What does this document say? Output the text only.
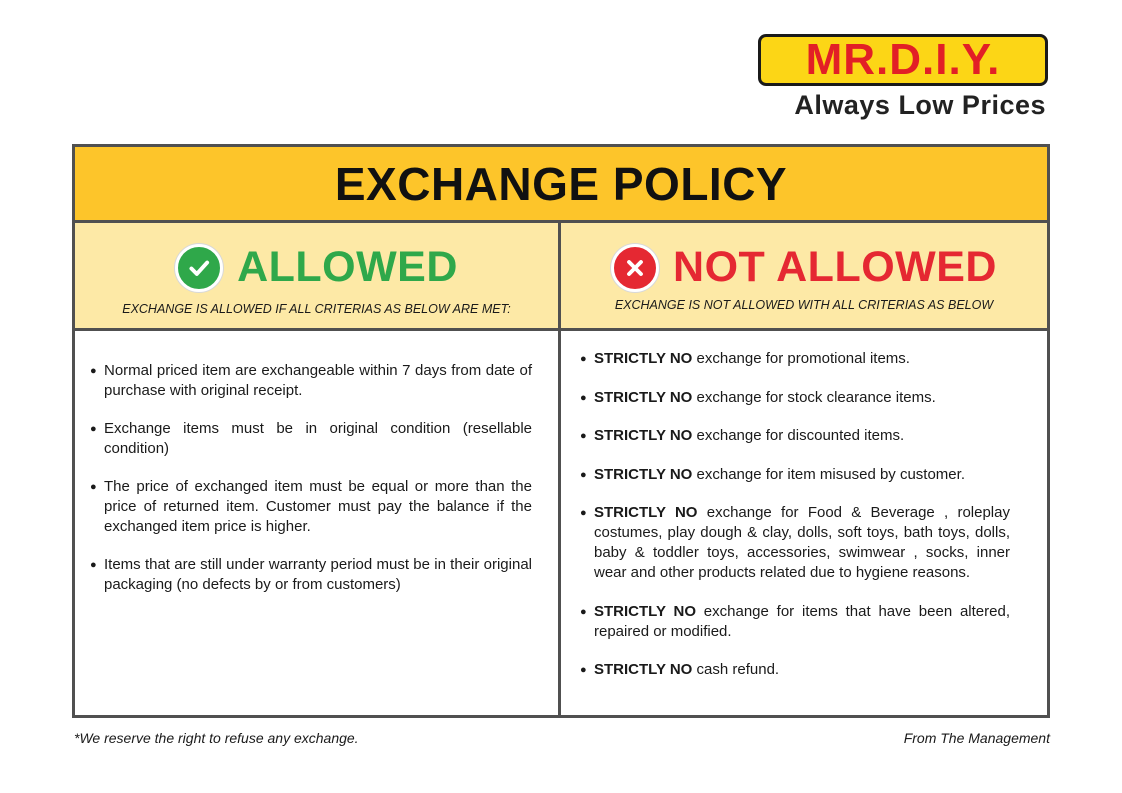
MR.D.I.Y.
Always Low Prices
EXCHANGE POLICY
ALLOWED
EXCHANGE IS ALLOWED IF ALL CRITERIAS AS BELOW ARE MET:
NOT ALLOWED
EXCHANGE IS NOT ALLOWED WITH ALL CRITERIAS AS BELOW
● Normal priced item are exchangeable within 7 days from date of purchase with original receipt.
● Exchange items must be in original condition (resellable condition)
● The price of exchanged item must be equal or more than the price of returned item. Customer must pay the balance if the exchanged item price is higher.
● Items that are still under warranty period must be in their original packaging (no defects by or from customers)
● STRICTLY NO exchange for promotional items.
● STRICTLY NO exchange for stock clearance items.
● STRICTLY NO exchange for discounted items.
● STRICTLY NO exchange for item misused by customer.
● STRICTLY NO exchange for Food & Beverage , roleplay costumes, play dough & clay, dolls, soft toys, bath toys, dolls, baby & toddler toys, accessories, swimwear , socks, inner wear and other products related due to hygiene reasons.
● STRICTLY NO exchange for items that have been altered, repaired or modified.
● STRICTLY NO cash refund.
*We reserve the right to refuse any exchange.	From The Management
